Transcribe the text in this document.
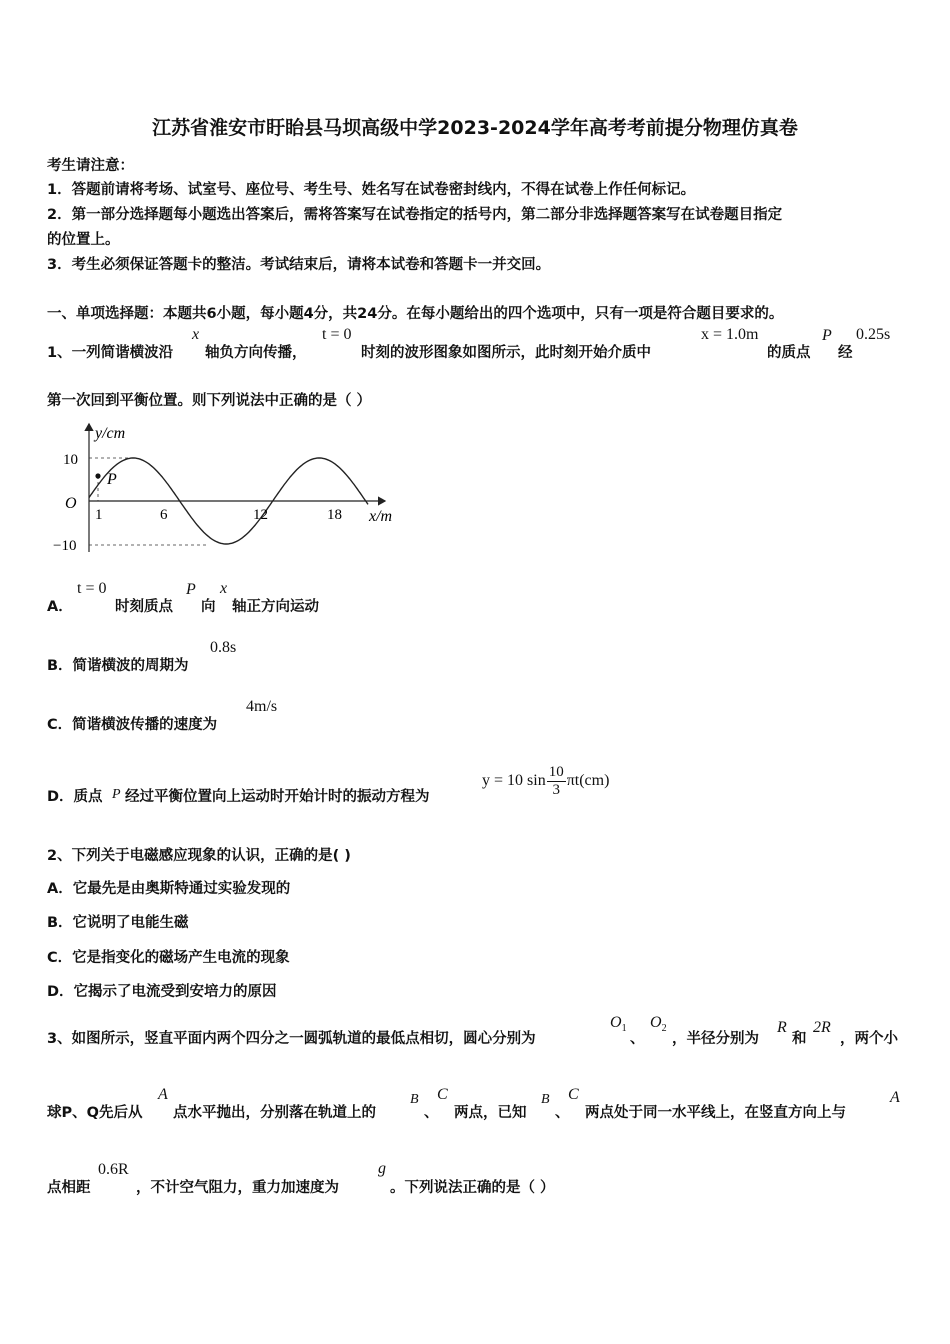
江苏省淮安市盱眙县马坝高级中学2023-2024学年高考考前提分物理仿真卷
考生请注意：
1．答题前请将考场、试室号、座位号、考生号、姓名写在试卷密封线内，不得在试卷上作任何标记。
2．第一部分选择题每小题选出答案后，需将答案写在试卷指定的括号内，第二部分非选择题答案写在试卷题目指定
的位置上。
3．考生必须保证答题卡的整洁。考试结束后，请将本试卷和答题卡一并交回。
一、单项选择题：本题共6小题，每小题4分，共24分。在每小题给出的四个选项中，只有一项是符合题目要求的。
1、一列简谐横波沿
x
轴负方向传播，
t = 0
时刻的波形图象如图所示，此时刻开始介质中
x = 1.0m
的质点
P
经
0.25s
第一次回到平衡位置。则下列说法中正确的是（ ）
y/cm
10
−10
O
1	6	12	18 x/m
P
A．
t = 0
时刻质点
P
向
x
轴正方向运动
B．简谐横波的周期为
0.8s
C．简谐横波传播的速度为
4m/s
D．质点 P 经过平衡位置向上运动时开始计时的振动方程为
y = 10 $\sin \frac{10}{3} \pi t(cm)$
2、下列关于电磁感应现象的认识，正确的是( )
A．它最先是由奥斯特通过实验发现的
B．它说明了电能生磁
C．它是指变化的磁场产生电流的现象
D．它揭示了电流受到安培力的原因
3、如图所示，竖直平面内两个四分之一圆弧轨道的最低点相切，圆心分别为
$O_1$
、
$O_2$
，半径分别为
R
和
2R
，两个小
球P、Q先后从
A
点水平抛出，分别落在轨道上的
B
、
C
两点，已知
B
、
C
两点处于同一水平线上，在竖直方向上与
A
点相距
0.6R
，不计空气阻力，重力加速度为
g
。下列说法正确的是（ ）
